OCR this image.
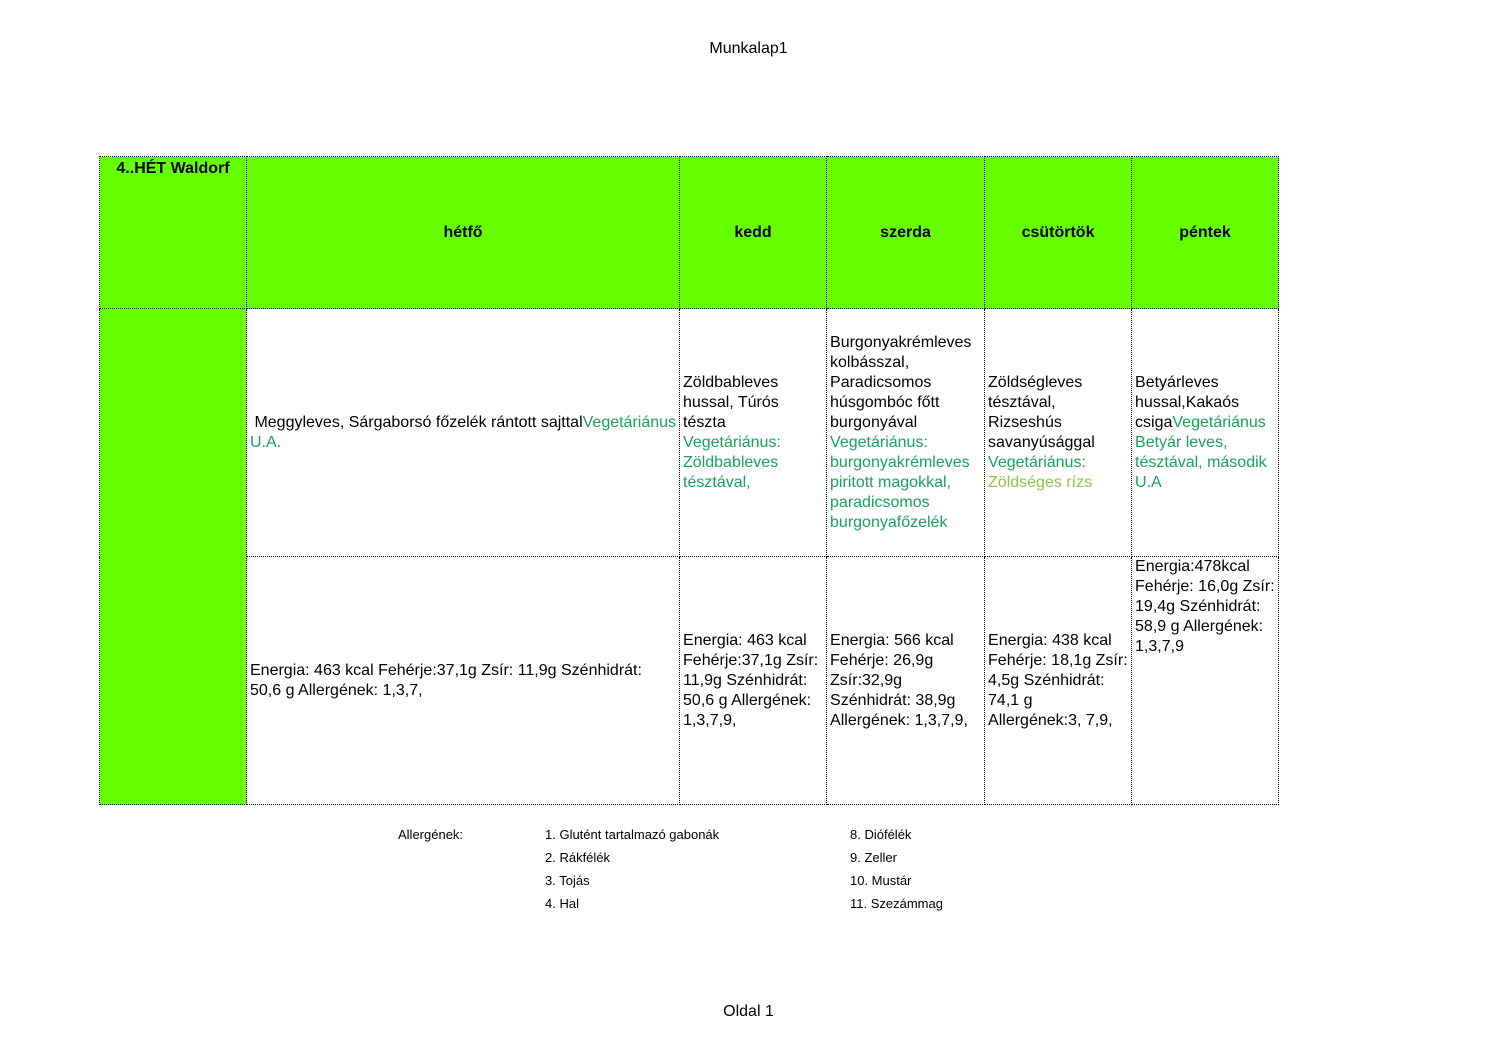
Munkalap1
4..HÉT Waldorf	hétfő	kedd	szerda	csütörtök	péntek
	Meggyleves, Sárgaborsó főzelék rántott sajttalVegetáriánus U.A.	Zöldbableves hussal, Túrós tészta Vegetáriánus: Zöldbableves tésztával,	Burgonyakrémleves kolbásszal, Paradicsomos húsgombóc főtt burgonyával Vegetáriánus: burgonyakrémleves piritott magokkal, paradicsomos burgonyafőzelék	Zöldségleves tésztával, Rizseshús savanyúsággal Vegetáriánus: Zöldséges rízs	Betyárleves hussal,Kakaós csigaVegetáriánus Betyár leves, tésztával, második U.A
	Energia: 463 kcal Fehérje:37,1g Zsír: 11,9g Szénhidrát: 50,6 g Allergének: 1,3,7,	Energia: 463 kcal Fehérje:37,1g Zsír: 11,9g Szénhidrát: 50,6 g Allergének: 1,3,7,9,	Energia: 566 kcal Fehérje: 26,9g Zsír:32,9g Szénhidrát: 38,9g Allergének: 1,3,7,9,	Energia: 438 kcal Fehérje: 18,1g Zsír: 4,5g Szénhidrát: 74,1 g Allergének:3, 7,9,	Energia:478kcal Fehérje: 16,0g Zsír: 19,4g Szénhidrát: 58,9 g Allergének: 1,3,7,9
Allergének:	1. Glutént tartalmazó gabonák
2. Rákfélék
3. Tojás
4. Hal
8. Diófélék
9. Zeller
10. Mustár
11. Szezámmag
Oldal 1
